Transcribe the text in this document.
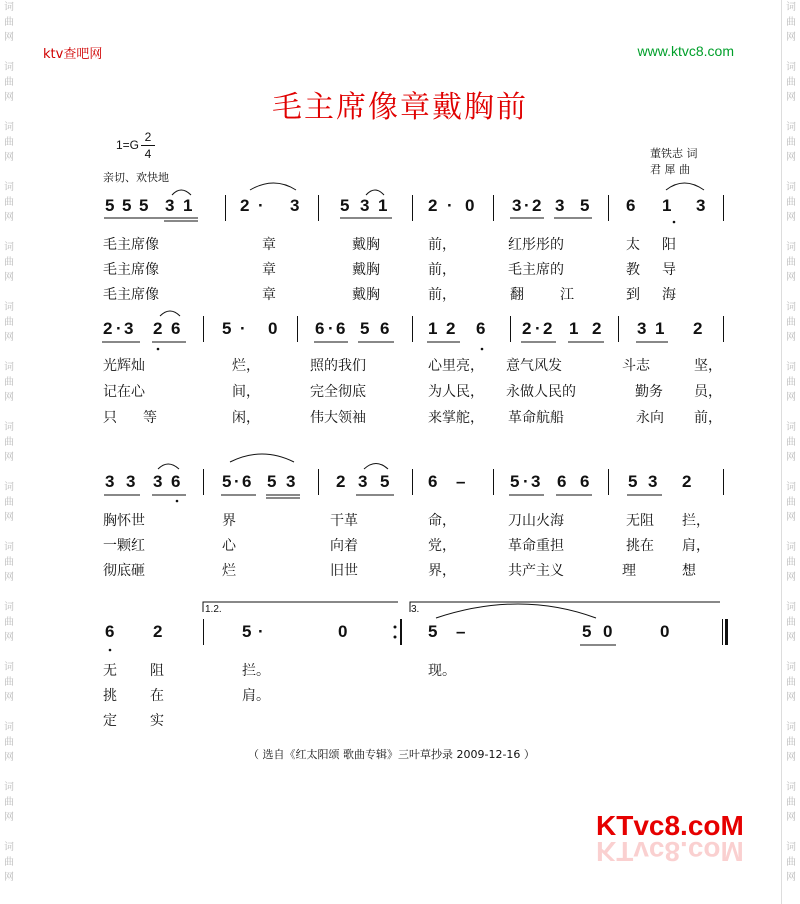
词
曲
网

词
曲
网

词
曲
网

词
曲
网

词
曲
网

词
曲
网

词
曲
网

词
曲
网

词
曲
网

词
曲
网

词
曲
网

词
曲
网

词
曲
网

词
曲
网

词
曲
网
词
曲
网

词
曲
网

词
曲
网

词
曲
网

词
曲
网

词
曲
网

词
曲
网

词
曲
网

词
曲
网

词
曲
网

词
曲
网

词
曲
网

词
曲
网

词
曲
网

词
曲
网
ktv查吧网	www.ktvc8.com
毛主席像章戴胸前
1=G
2
4
亲切、欢快地
董铁志 词
君 犀 曲
5 5 5 3 1	2 · 3 5 3 1 2 · 0 3 · 2 3 5 6 1 3
毛主席像	章	戴胸	前，	红彤彤的	太 阳
毛主席像	章	戴胸	前，	毛主席的	教 导
毛主席像	章	戴胸	前，	翻	江	到 海
2 · 3 2 6 5 · 0 6 · 6 5 6 1 2 6 2 · 2 1 2 3 1 2
光辉灿	烂，	照的我们	心里亮， 意气风发	斗志	坚，
记在心	间，	完全彻底	为人民， 永做人民的	勤务 员，
只 等	闲，	伟大领袖	来掌舵， 革命航船	永向 前，
3 3 3 6 5 · 6 5 3 2 3 5 6 –	5 · 3 6 6 5 3 2
胸怀世	界	干革	命，	刀山火海	无阻 拦，
一颗红	心	向着	党，	革命重担	挑在 肩，
彻底砸	烂	旧世	界，	共产主义	理	想
1.2.	3.
6 2	5 ·	0	5 –	5 0	0
无 阻	拦。	现。
挑 在	肩。
定 实
（ 选自《红太阳颂 歌曲专辑》三叶草抄录 2009-12-16 ）
KTvc8.coM
KTvc8.coM
